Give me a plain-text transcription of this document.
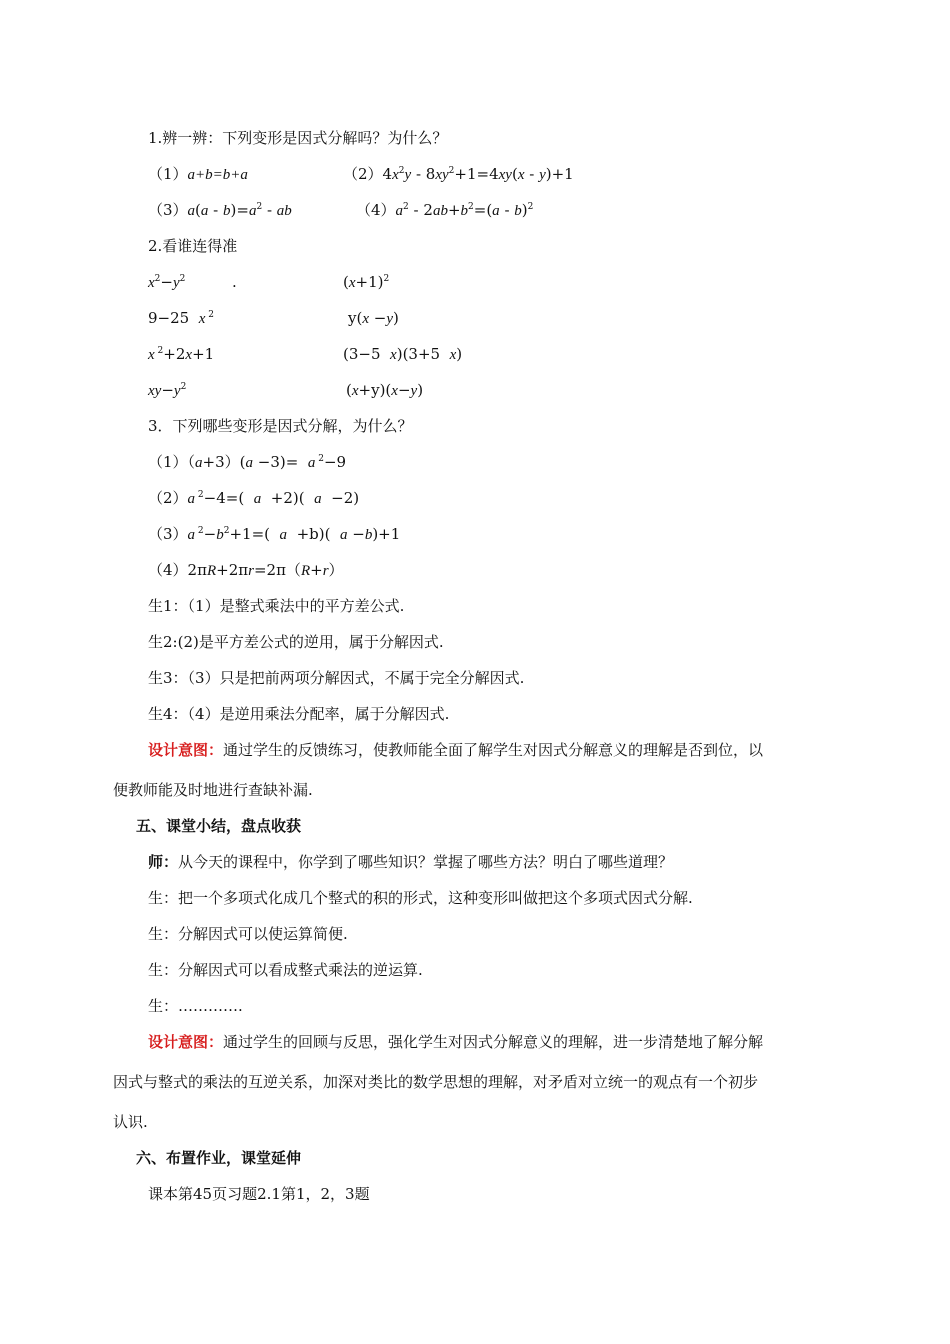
1.辨一辨：下列变形是因式分解吗？为什么？
（1）a+b=b+a	$(2)4x^2y - 8xy^2+1=4xy(x - y)+1$
$(3)a(a - b)=a^2$ - ab	$(4)a^2 - 2ab+b^2=(a - b)^2$
2.看谁连得准
$x^2-y^2$	.	$(x+1)^2$
9−25  x $^2$	y(x −y)
x $^2$+2x+1	(3−5  x)(3+5  x)
$xy-y^2$	(x+y)(x−y)
3．下列哪些变形是因式分解，为什么？
（1）（a+3）(a −3)=  a $^2$−9
（2）a $^2$−4=(  a  +2)(  a  −2)
（3）a $^2-b^2+1=$(  a  +b)(  a −b)+1
（4）2πR+2πr=2π（R+r）
生1：（1）是整式乘法中的平方差公式.
生2:(2)是平方差公式的逆用，属于分解因式.
生3：（3）只是把前两项分解因式，不属于完全分解因式.
生4：（4）是逆用乘法分配率，属于分解因式.
设计意图：通过学生的反馈练习，使教师能全面了解学生对因式分解意义的理解是否到位，以
便教师能及时地进行查缺补漏.
五、课堂小结，盘点收获
师：从今天的课程中，你学到了哪些知识？掌握了哪些方法？明白了哪些道理？
生：把一个多项式化成几个整式的积的形式，这种变形叫做把这个多项式因式分解.
生：分解因式可以使运算简便.
生：分解因式可以看成整式乘法的逆运算.
生：………….
设计意图：通过学生的回顾与反思，强化学生对因式分解意义的理解，进一步清楚地了解分解
因式与整式的乘法的互逆关系，加深对类比的数学思想的理解，对矛盾对立统一的观点有一个初步
认识.
六、布置作业，课堂延伸
课本第45页习题2.1第1，2，3题
